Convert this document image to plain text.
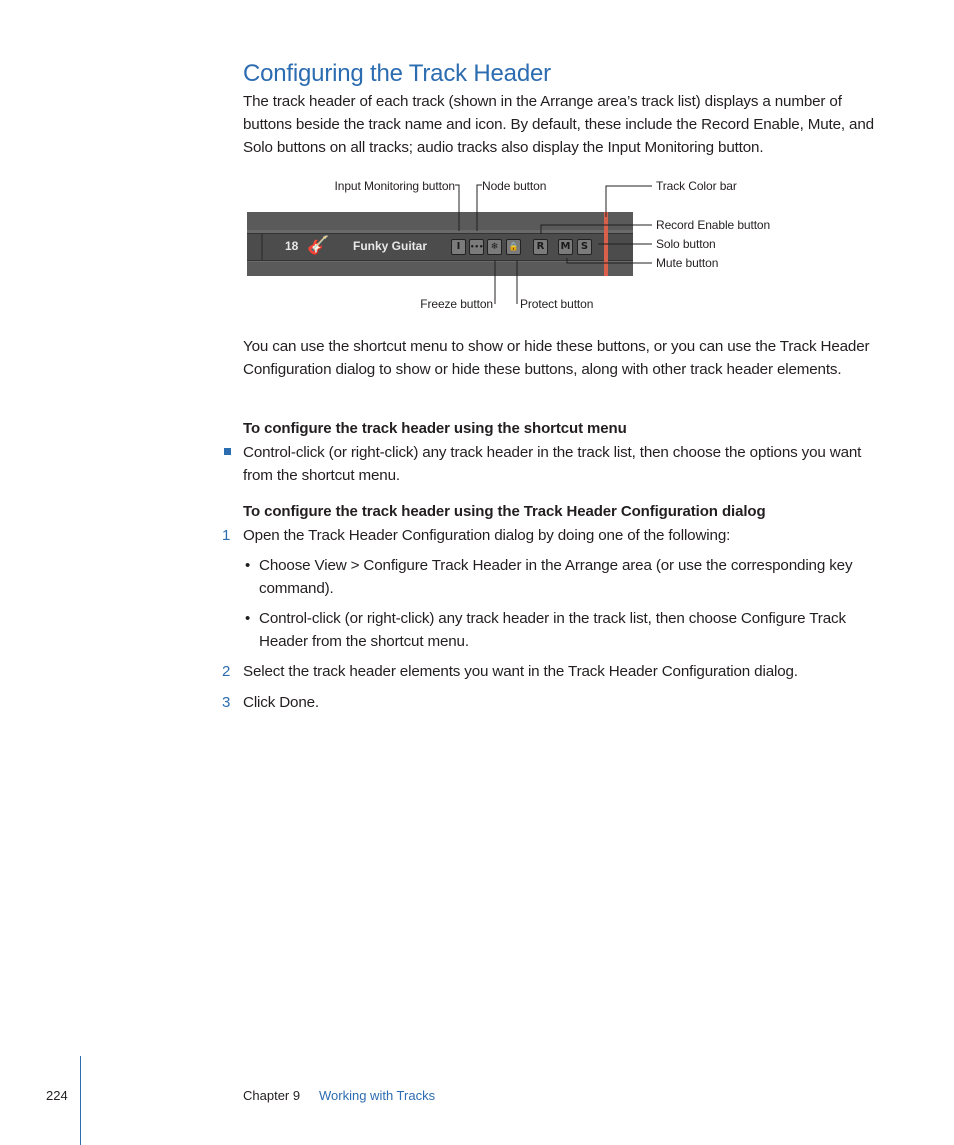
Configuring the Track Header

The track header of each track (shown in the Arrange area’s track list) displays a number of buttons beside the track name and icon. By default, these include the Record Enable, Mute, and Solo buttons on all tracks; audio tracks also display the Input Monitoring button.

18 🎸 Funky Guitar	I	••• ❄	🔒	R	M	S
Input Monitoring button Node button	Track Color bar
Record Enable button
Solo button
Mute button
Freeze button Protect button

You can use the shortcut menu to show or hide these buttons, or you can use the Track Header Configuration dialog to show or hide these buttons, along with other track header elements.

To configure the track header using the shortcut menu

Control-click (or right-click) any track header in the track list, then choose the options you want from the shortcut menu.

To configure the track header using the Track Header Configuration dialog
1 Open the Track Header Configuration dialog by doing one of the following:

• Choose View > Configure Track Header in the Arrange area (or use the corresponding key command).

• Control-click (or right-click) any track header in the track list, then choose Configure Track Header from the shortcut menu.

2 Select the track header elements you want in the Track Header Configuration dialog.

3 Click Done.

224	Chapter 9 Working with Tracks
